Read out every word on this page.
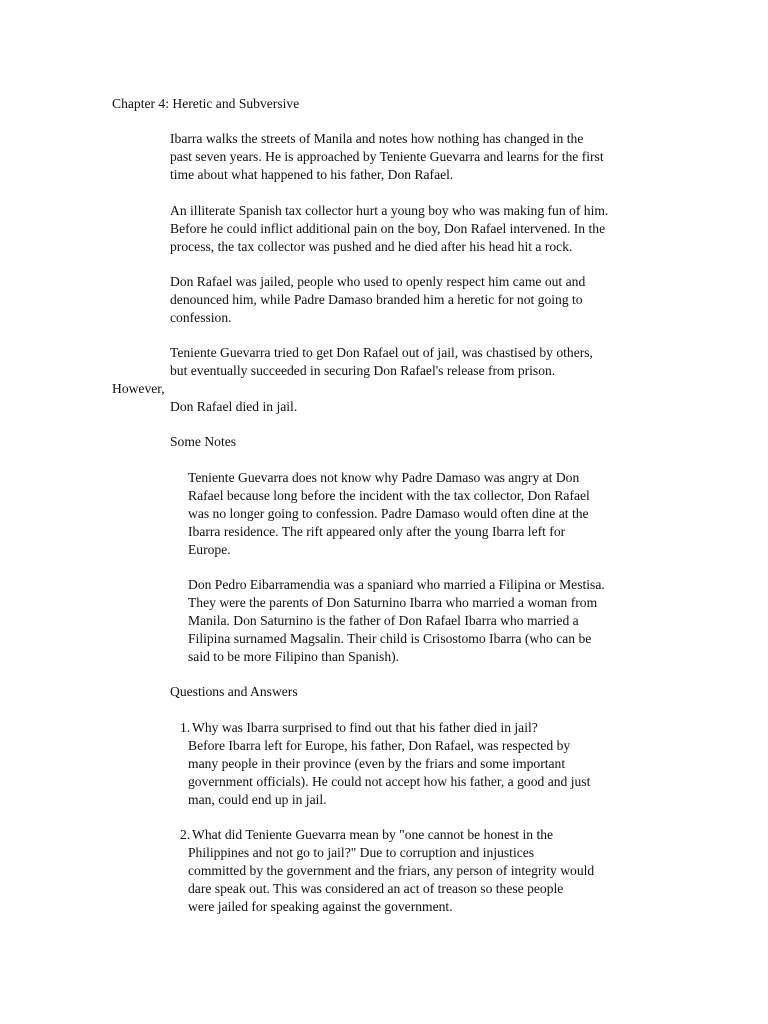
Chapter 4: Heretic and Subversive
Ibarra walks the streets of Manila and notes how nothing has changed in the
past seven years. He is approached by Teniente Guevarra and learns for the first
time about what happened to his father, Don Rafael.
An illiterate Spanish tax collector hurt a young boy who was making fun of him.
Before he could inflict additional pain on the boy, Don Rafael intervened. In the
process, the tax collector was pushed and he died after his head hit a rock.
Don Rafael was jailed, people who used to openly respect him came out and
denounced him, while Padre Damaso branded him a heretic for not going to
confession.
Teniente Guevarra tried to get Don Rafael out of jail, was chastised by others,
but eventually succeeded in securing Don Rafael's release from prison.
However,
Don Rafael died in jail.
Some Notes
Teniente Guevarra does not know why Padre Damaso was angry at Don
Rafael because long before the incident with the tax collector, Don Rafael
was no longer going to confession. Padre Damaso would often dine at the
Ibarra residence. The rift appeared only after the young Ibarra left for
Europe.
Don Pedro Eibarramendia was a spaniard who married a Filipina or Mestisa.
They were the parents of Don Saturnino Ibarra who married a woman from
Manila. Don Saturnino is the father of Don Rafael Ibarra who married a
Filipina surnamed Magsalin. Their child is Crisostomo Ibarra (who can be
said to be more Filipino than Spanish).
Questions and Answers
1. Why was Ibarra surprised to find out that his father died in jail?
Before Ibarra left for Europe, his father, Don Rafael, was respected by
many people in their province (even by the friars and some important
government officials). He could not accept how his father, a good and just
man, could end up in jail.
2. What did Teniente Guevarra mean by "one cannot be honest in the
Philippines and not go to jail?" Due to corruption and injustices
committed by the government and the friars, any person of integrity would
dare speak out. This was considered an act of treason so these people
were jailed for speaking against the government.
